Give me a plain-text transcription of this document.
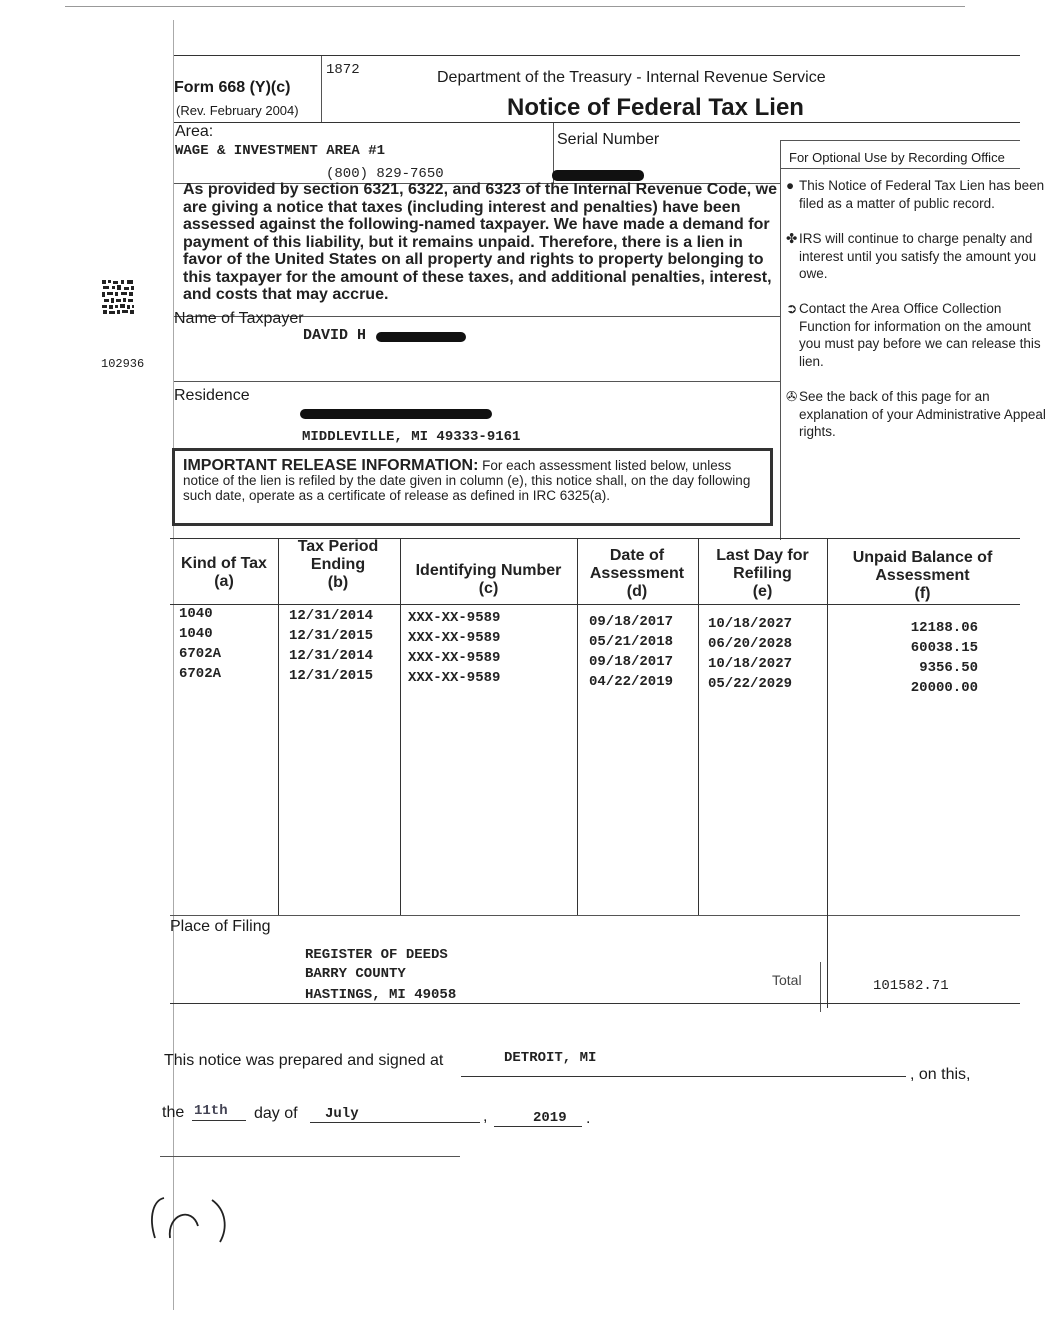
Form 668 (Y)(c)
(Rev. February 2004)
1872	Department of the Treasury - Internal Revenue Service
Notice of Federal Tax Lien
Area:
WAGE & INVESTMENT AREA #1
(800) 829-7650
Serial Number
As provided by section 6321, 6322, and 6323 of the Internal Revenue Code, we are giving a notice that taxes (including interest and penalties) have been assessed against the following-named taxpayer. We have made a demand for payment of this liability, but it remains unpaid. Therefore, there is a lien in favor of the United States on all property and rights to property belonging to this taxpayer for the amount of these taxes, and additional penalties, interest, and costs that may accrue.
Name of Taxpayer
DAVID H
Residence
MIDDLEVILLE, MI 49333-9161
102936
For Optional Use by Recording Office
● This Notice of Federal Tax Lien has been filed as a matter of public record.
✤ IRS will continue to charge penalty and interest until you satisfy the amount you owe.
➲ Contact the Area Office Collection Function for information on the amount you must pay before we can release this lien.
✇ See the back of this page for an explanation of your Administrative Appeal rights.
IMPORTANT RELEASE INFORMATION: For each assessment listed below, unless notice of the lien is refiled by the date given in column (e), this notice shall, on the day following such date, operate as a certificate of release as defined in IRC 6325(a).
Kind of Tax
(a)
Tax Period Ending
(b)
Identifying Number
(c)
Date of Assessment
(d)
Last Day for Refiling
(e)
Unpaid Balance of Assessment
(f)
1040	12/31/2014 XXX-XX-9589	09/18/2017 10/18/2027	12188.06
1040	12/31/2015 XXX-XX-9589	05/21/2018 06/20/2028	60038.15
6702A	12/31/2014 XXX-XX-9589	09/18/2017 10/18/2027	9356.50
6702A	12/31/2015 XXX-XX-9589	04/22/2019 05/22/2029	20000.00
Place of Filing
REGISTER OF DEEDS
BARRY COUNTY
HASTINGS, MI 49058
Total	101582.71
This notice was prepared and signed at	DETROIT, MI
, on this,
the 11th day of July	,	2019 .
